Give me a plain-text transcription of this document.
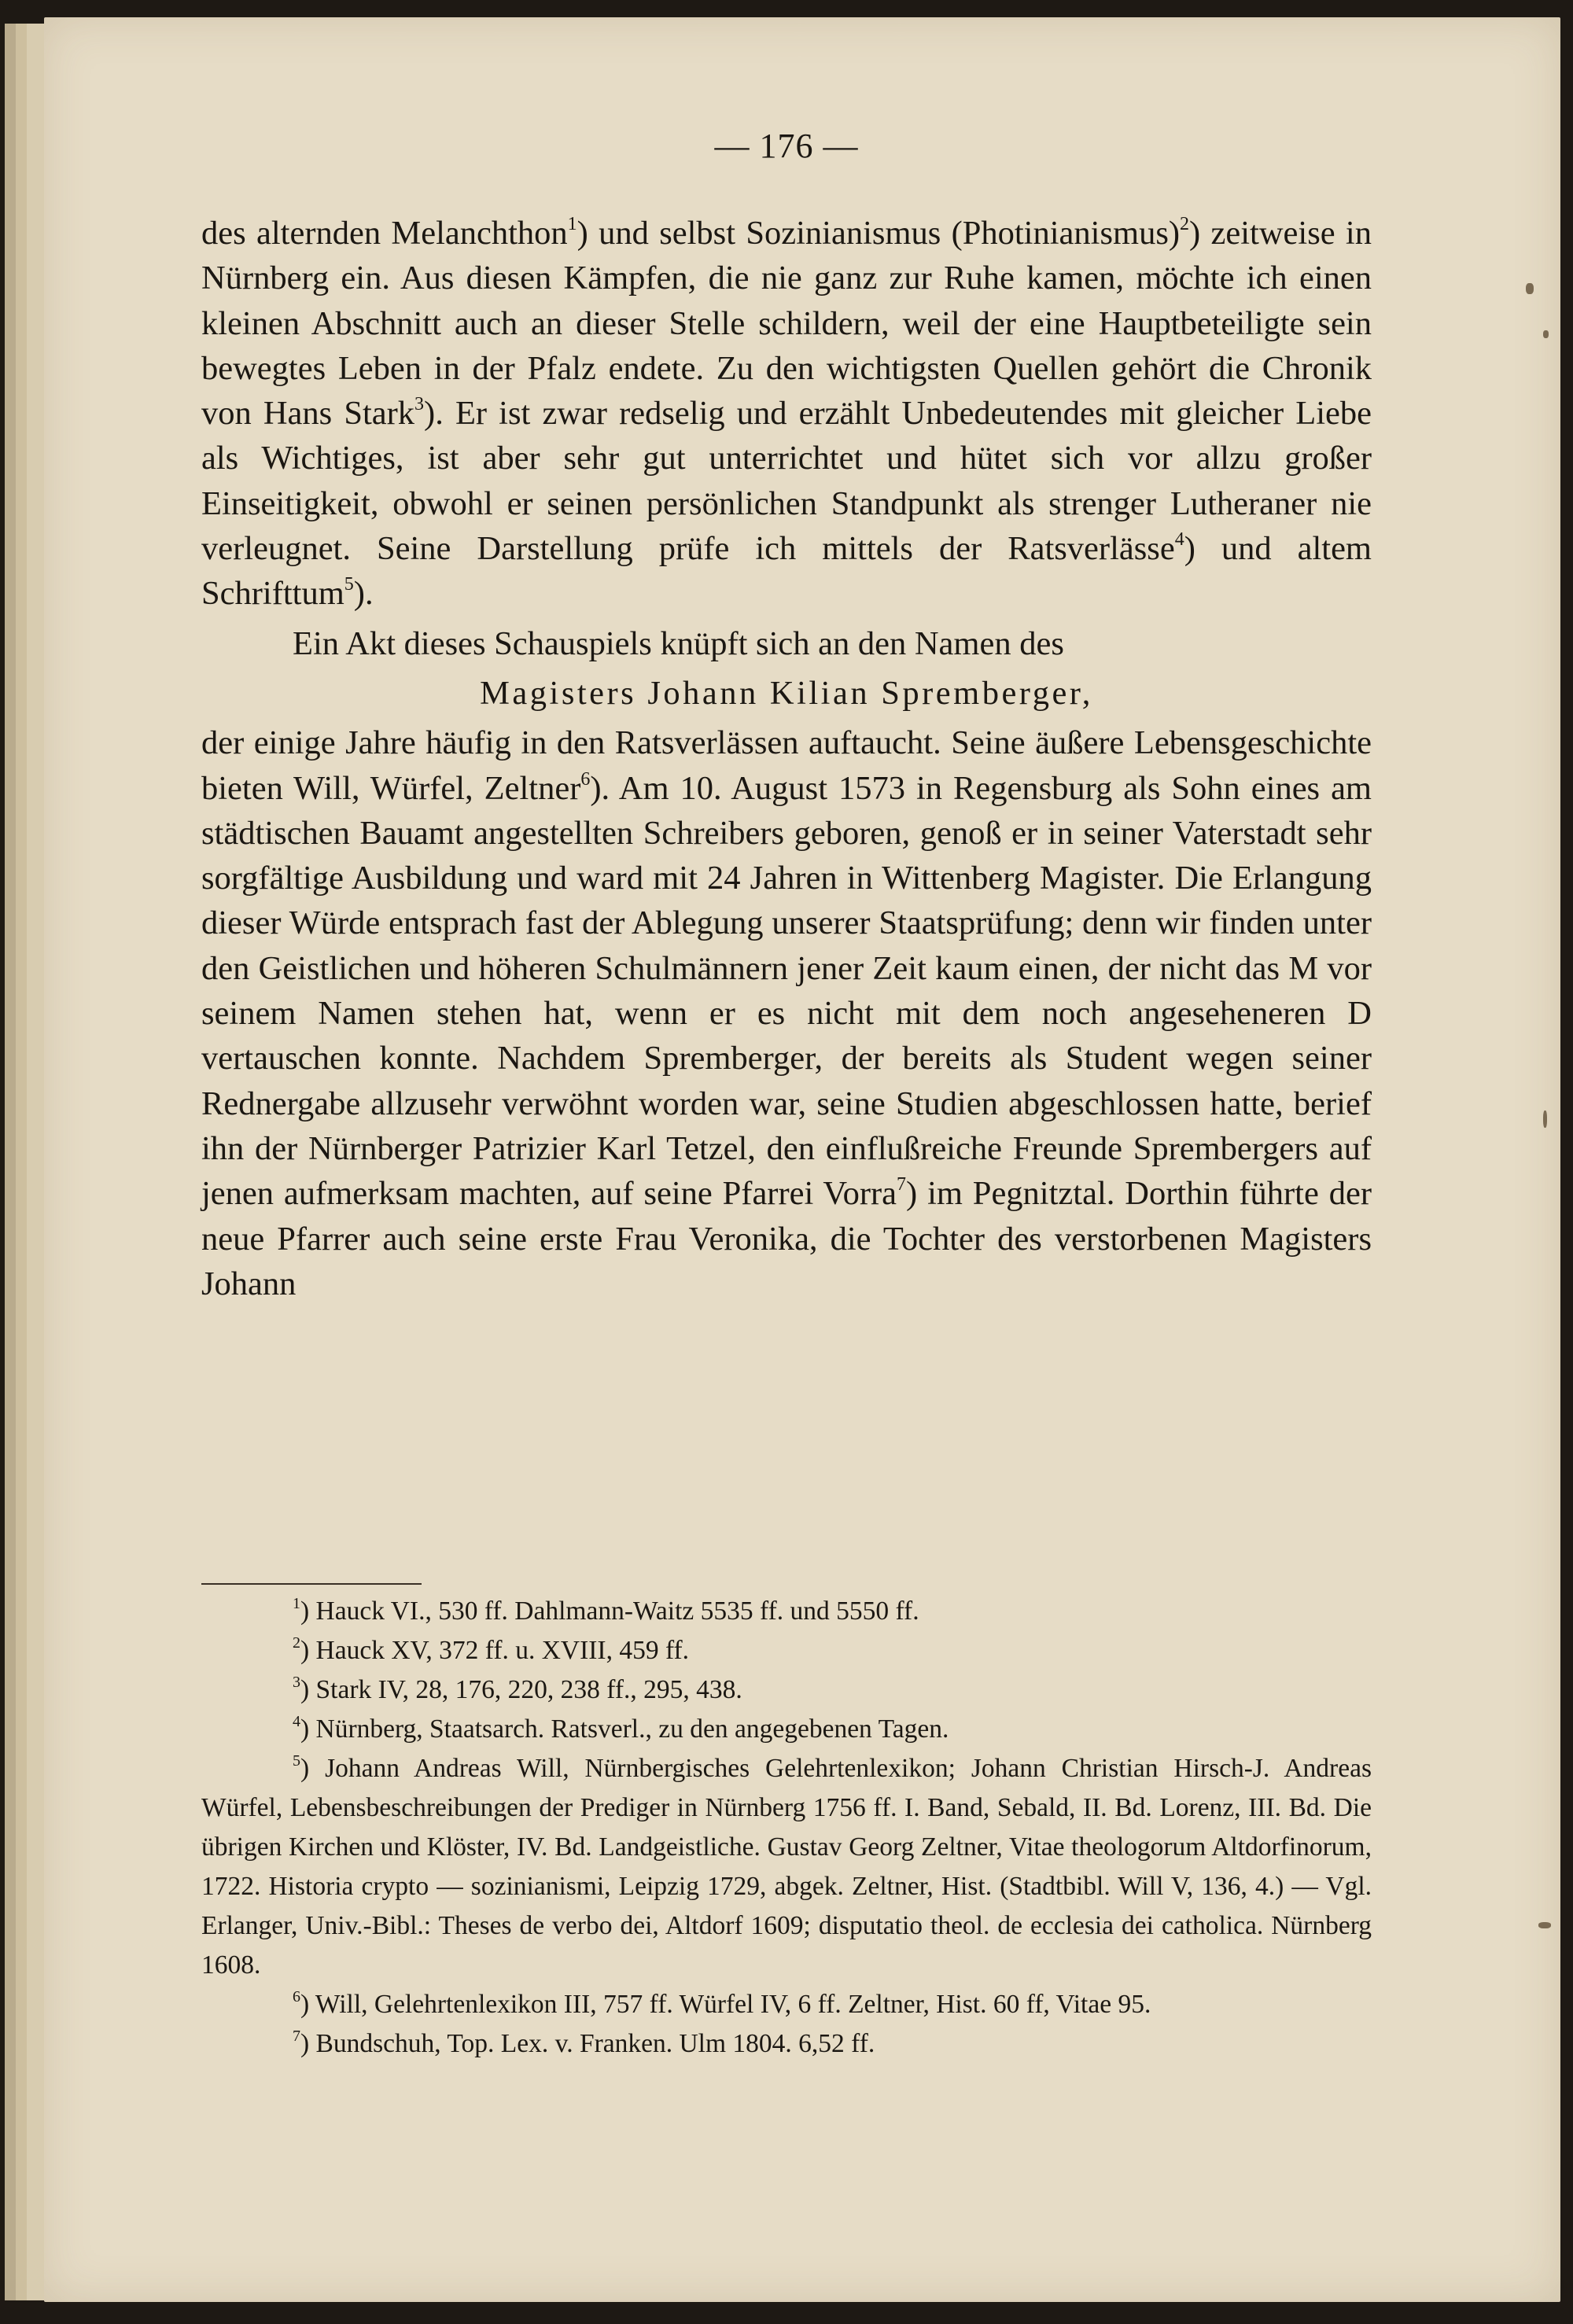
— 176 —

des alternden Melanchthon$^1$) und selbst Sozinianismus (Photinianismus)$^2$) zeitweise in Nürnberg ein. Aus diesen Kämpfen, die nie ganz zur Ruhe kamen, möchte ich einen kleinen Abschnitt auch an dieser Stelle schildern, weil der eine Hauptbeteiligte sein bewegtes Leben in der Pfalz endete. Zu den wichtigsten Quellen gehört die Chronik von Hans Stark$^3$). Er ist zwar redselig und erzählt Unbedeutendes mit gleicher Liebe als Wichtiges, ist aber sehr gut unterrichtet und hütet sich vor allzu großer Einseitigkeit, obwohl er seinen persönlichen Standpunkt als strenger Lutheraner nie verleugnet. Seine Darstellung prüfe ich mittels der Ratsverlässe$^4$) und altem Schrifttum$^5$).

Ein Akt dieses Schauspiels knüpft sich an den Namen des

Magisters Johann Kilian Spremberger,

der einige Jahre häufig in den Ratsverlässen auftaucht. Seine äußere Lebensgeschichte bieten Will, Würfel, Zeltner$^6$). Am 10. August 1573 in Regensburg als Sohn eines am städtischen Bauamt angestellten Schreibers geboren, genoß er in seiner Vaterstadt sehr sorgfältige Ausbildung und ward mit 24 Jahren in Wittenberg Magister. Die Erlangung dieser Würde entsprach fast der Ablegung unserer Staatsprüfung; denn wir finden unter den Geistlichen und höheren Schulmännern jener Zeit kaum einen, der nicht das M vor seinem Namen stehen hat, wenn er es nicht mit dem noch angeseheneren D vertauschen konnte. Nachdem Spremberger, der bereits als Student wegen seiner Rednergabe allzusehr verwöhnt worden war, seine Studien abgeschlossen hatte, berief ihn der Nürnberger Patrizier Karl Tetzel, den einflußreiche Freunde Sprembergers auf jenen aufmerksam machten, auf seine Pfarrei Vorra$^7$) im Pegnitztal. Dorthin führte der neue Pfarrer auch seine erste Frau Veronika, die Tochter des verstorbenen Magisters Johann

$^1$) Hauck VI., 530 ff. Dahlmann-Waitz 5535 ff. und 5550 ff.

$^2$) Hauck XV, 372 ff. u. XVIII, 459 ff.

$^3$) Stark IV, 28, 176, 220, 238 ff., 295, 438.

$^4$) Nürnberg, Staatsarch. Ratsverl., zu den angegebenen Tagen.

$^5$) Johann Andreas Will, Nürnbergisches Gelehrtenlexikon; Johann Christian Hirsch-J. Andreas Würfel, Lebensbeschreibungen der Prediger in Nürnberg 1756 ff. I. Band, Sebald, II. Bd. Lorenz, III. Bd. Die übrigen Kirchen und Klöster, IV. Bd. Landgeistliche. Gustav Georg Zeltner, Vitae theologorum Altdorfinorum, 1722. Historia crypto — sozinianismi, Leipzig 1729, abgek. Zeltner, Hist. (Stadtbibl. Will V, 136, 4.) — Vgl. Erlanger, Univ.-Bibl.: Theses de verbo dei, Altdorf 1609; disputatio theol. de ecclesia dei catholica. Nürnberg 1608.

$^6$) Will, Gelehrtenlexikon III, 757 ff. Würfel IV, 6 ff. Zeltner, Hist. 60 ff, Vitae 95.

$^7$) Bundschuh, Top. Lex. v. Franken. Ulm 1804. 6,52 ff.
